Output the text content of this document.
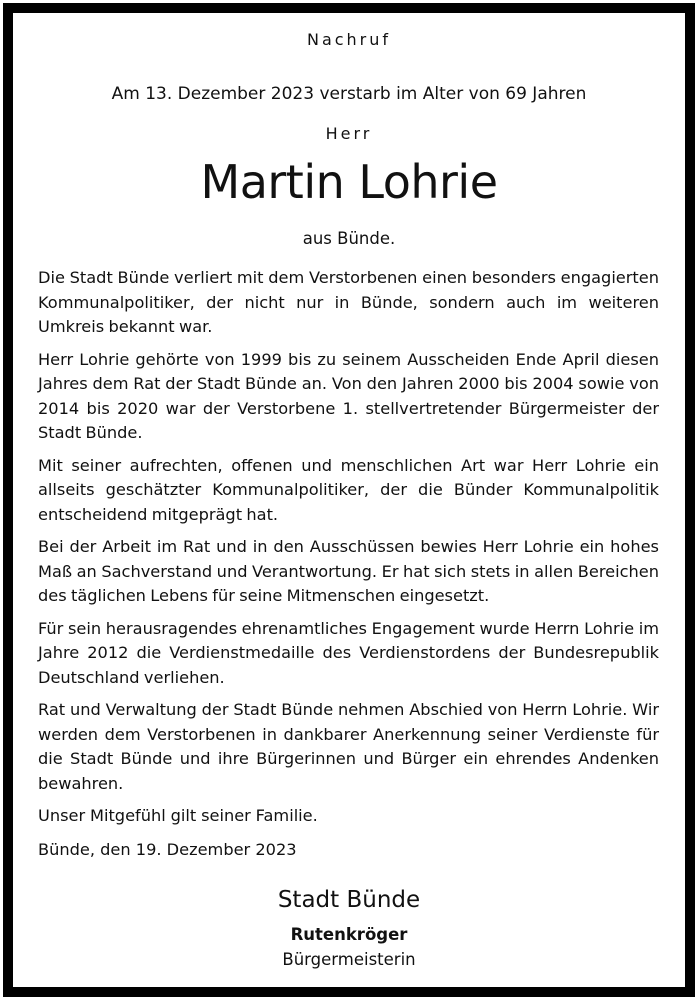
Nachruf
Am 13. Dezember 2023 verstarb im Alter von 69 Jahren
Herr
Martin Lohrie
aus Bünde.

Die Stadt Bünde verliert mit dem Verstorbenen einen besonders engagierten Kommunalpolitiker, der nicht nur in Bünde, sondern auch im weiteren Umkreis bekannt war.

Herr Lohrie gehörte von 1999 bis zu seinem Ausscheiden Ende April diesen Jahres dem Rat der Stadt Bünde an. Von den Jahren 2000 bis 2004 sowie von 2014 bis 2020 war der Verstorbene 1. stellvertretender Bürgermeister der Stadt Bünde.

Mit seiner aufrechten, offenen und menschlichen Art war Herr Lohrie ein allseits geschätzter Kommunalpolitiker, der die Bünder Kommunalpolitik entscheidend mitgeprägt hat.

Bei der Arbeit im Rat und in den Ausschüssen bewies Herr Lohrie ein hohes Maß an Sachverstand und Verantwortung. Er hat sich stets in allen Bereichen des täglichen Lebens für seine Mitmenschen eingesetzt.

Für sein herausragendes ehrenamtliches Engagement wurde Herrn Lohrie im Jahre 2012 die Verdienstmedaille des Verdienstordens der Bundesrepublik Deutschland verliehen.

Rat und Verwaltung der Stadt Bünde nehmen Abschied von Herrn Lohrie. Wir werden dem Verstorbenen in dankbarer Anerkennung seiner Verdienste für die Stadt Bünde und ihre Bürgerinnen und Bürger ein ehrendes Andenken bewahren.

Unser Mitgefühl gilt seiner Familie.

Bünde, den 19. Dezember 2023
Stadt Bünde
Rutenkröger
Bürgermeisterin
